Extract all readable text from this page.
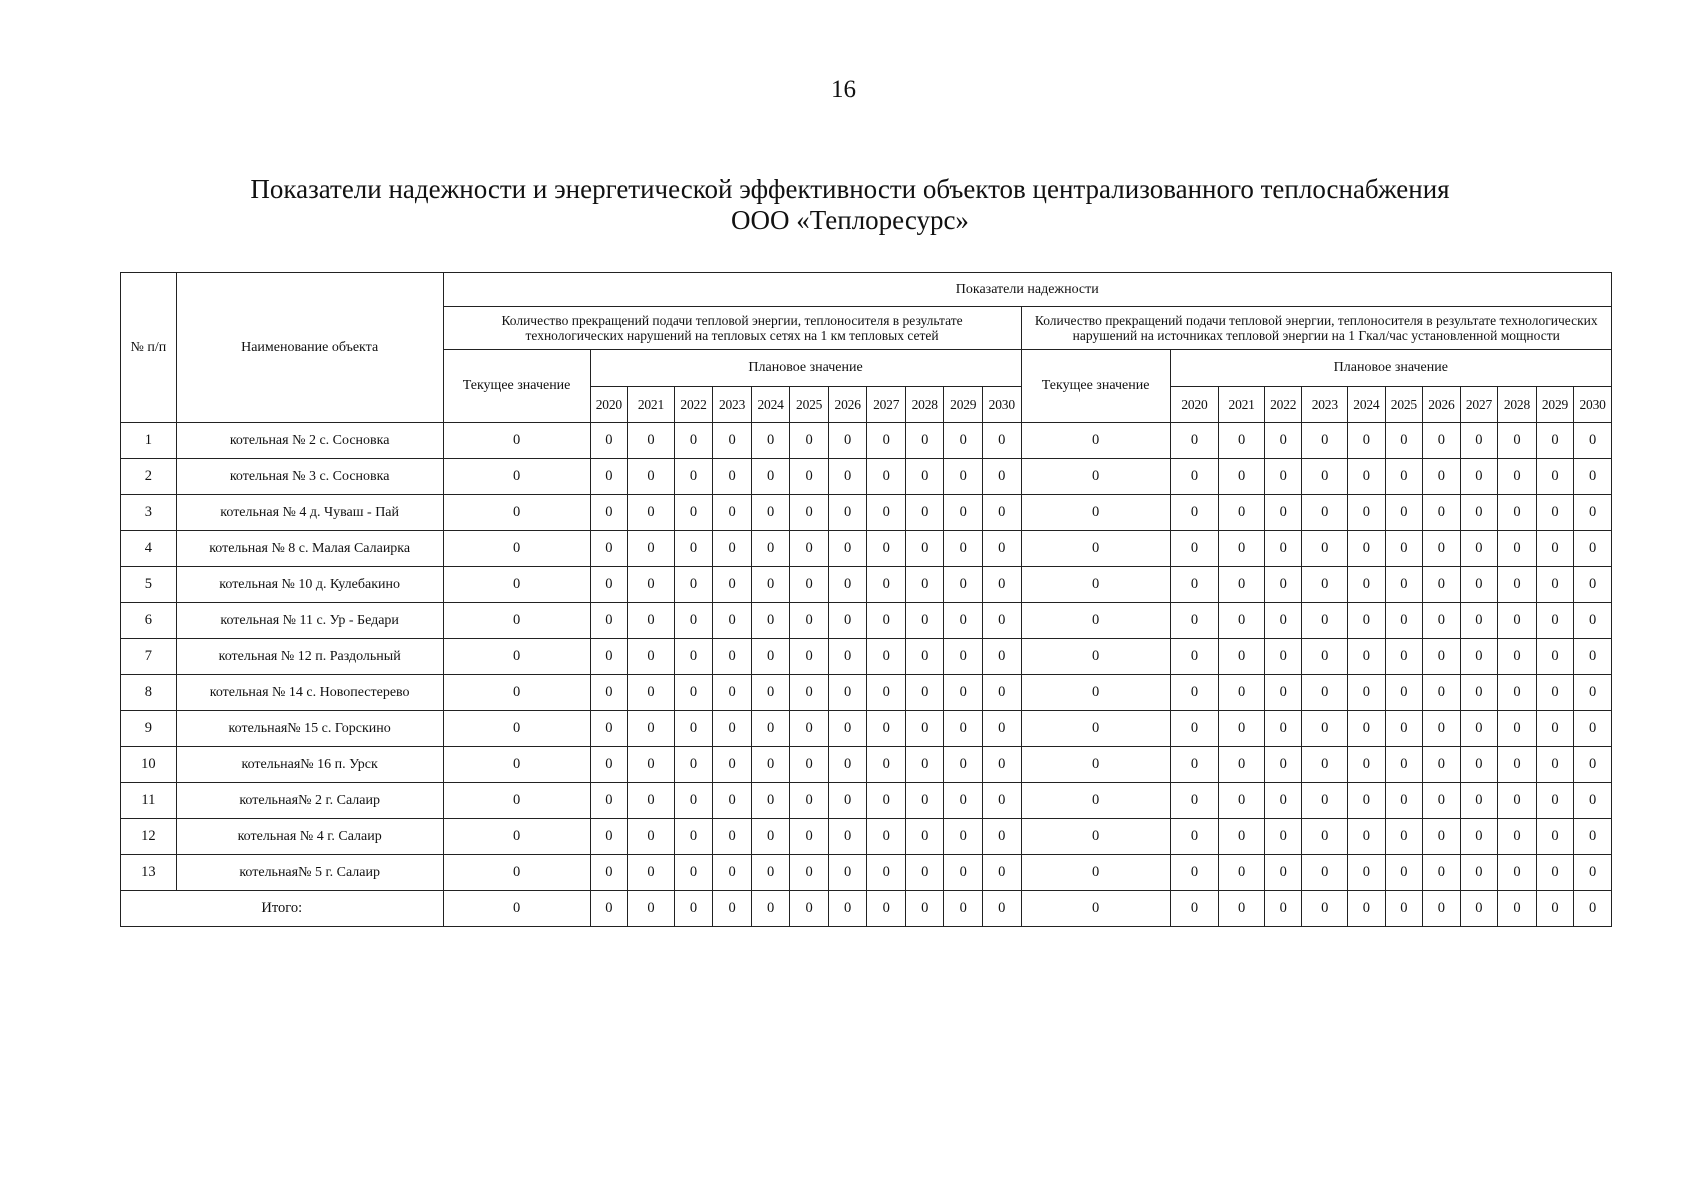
16
Показатели надежности и энергетической эффективности объектов централизованного теплоснабжения
ООО «Теплоресурс»
№ п/п	Наименование объекта	Показатели надежности																							
		Количество прекращений подачи тепловой энергии, теплоносителя в результате технологических нарушений на тепловых сетях на 1 км тепловых сетей												Количество прекращений подачи тепловой энергии, теплоносителя в результате технологических нарушений на источниках тепловой энергии на 1 Гкал/час установленной мощности											
		Текущее значение	Плановое значение											Текущее значение	Плановое значение										
			2020	2021	2022	2023	2024	2025	2026	2027	2028	2029	2030		2020	2021	2022	2023	2024	2025	2026	2027	2028	2029	2030
1	котельная № 2 с. Сосновка	0	0	0	0	0	0	0	0	0	0	0	0	0	0	0	0	0	0	0	0	0	0	0	0
2	котельная № 3 с. Сосновка	0	0	0	0	0	0	0	0	0	0	0	0	0	0	0	0	0	0	0	0	0	0	0	0
3	котельная № 4 д. Чуваш - Пай	0	0	0	0	0	0	0	0	0	0	0	0	0	0	0	0	0	0	0	0	0	0	0	0
4	котельная № 8 с. Малая Салаирка	0	0	0	0	0	0	0	0	0	0	0	0	0	0	0	0	0	0	0	0	0	0	0	0
5	котельная № 10 д. Кулебакино	0	0	0	0	0	0	0	0	0	0	0	0	0	0	0	0	0	0	0	0	0	0	0	0
6	котельная № 11 с. Ур - Бедари	0	0	0	0	0	0	0	0	0	0	0	0	0	0	0	0	0	0	0	0	0	0	0	0
7	котельная № 12 п. Раздольный	0	0	0	0	0	0	0	0	0	0	0	0	0	0	0	0	0	0	0	0	0	0	0	0
8	котельная № 14 с. Новопестерево	0	0	0	0	0	0	0	0	0	0	0	0	0	0	0	0	0	0	0	0	0	0	0	0
9	котельная№ 15 с. Горскино	0	0	0	0	0	0	0	0	0	0	0	0	0	0	0	0	0	0	0	0	0	0	0	0
10	котельная№ 16 п. Урск	0	0	0	0	0	0	0	0	0	0	0	0	0	0	0	0	0	0	0	0	0	0	0	0
11	котельная№ 2 г. Салаир	0	0	0	0	0	0	0	0	0	0	0	0	0	0	0	0	0	0	0	0	0	0	0	0
12	котельная № 4 г. Салаир	0	0	0	0	0	0	0	0	0	0	0	0	0	0	0	0	0	0	0	0	0	0	0	0
13	котельная№ 5 г. Салаир	0	0	0	0	0	0	0	0	0	0	0	0	0	0	0	0	0	0	0	0	0	0	0	0
Итого:		0	0	0	0	0	0	0	0	0	0	0	0	0	0	0	0	0	0	0	0	0	0	0	0
